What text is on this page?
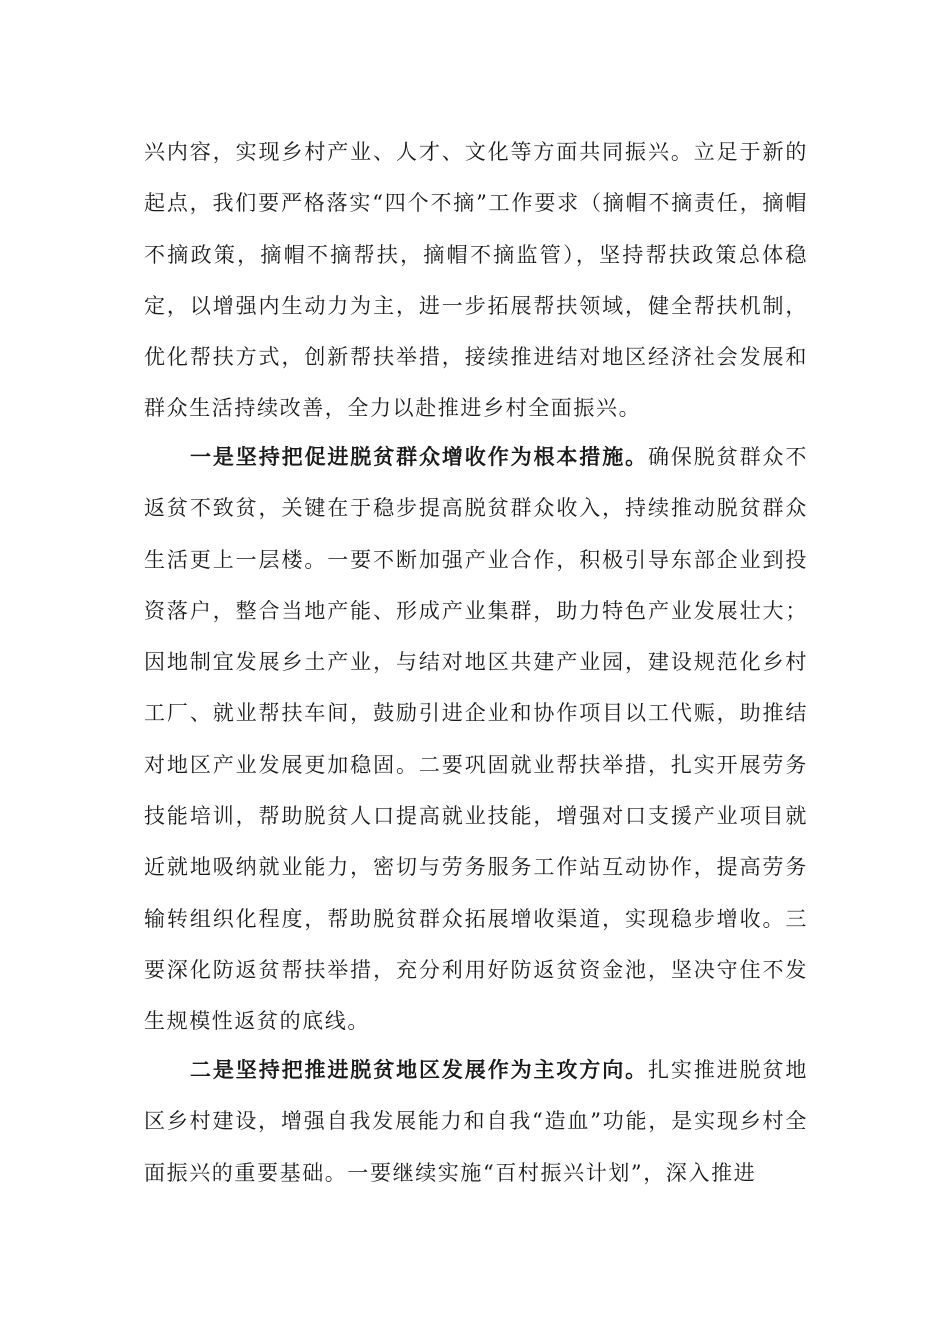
兴内容，实现乡村产业、人才、文化等方面共同振兴。立足于新的起点，我们要严格落实“四个不摘”工作要求（摘帽不摘责任，摘帽不摘政策，摘帽不摘帮扶，摘帽不摘监管），坚持帮扶政策总体稳定，以增强内生动力为主，进一步拓展帮扶领域，健全帮扶机制，优化帮扶方式，创新帮扶举措，接续推进结对地区经济社会发展和群众生活持续改善，全力以赴推进乡村全面振兴。

一是坚持把促进脱贫群众增收作为根本措施。确保脱贫群众不返贫不致贫，关键在于稳步提高脱贫群众收入，持续推动脱贫群众生活更上一层楼。一要不断加强产业合作，积极引导东部企业到投资落户，整合当地产能、形成产业集群，助力特色产业发展壮大；因地制宜发展乡土产业，与结对地区共建产业园，建设规范化乡村工厂、就业帮扶车间，鼓励引进企业和协作项目以工代赈，助推结对地区产业发展更加稳固。二要巩固就业帮扶举措，扎实开展劳务技能培训，帮助脱贫人口提高就业技能，增强对口支援产业项目就近就地吸纳就业能力，密切与劳务服务工作站互动协作，提高劳务输转组织化程度，帮助脱贫群众拓展增收渠道，实现稳步增收。三要深化防返贫帮扶举措，充分利用好防返贫资金池，坚决守住不发生规模性返贫的底线。

二是坚持把推进脱贫地区发展作为主攻方向。扎实推进脱贫地区乡村建设，增强自我发展能力和自我“造血”功能，是实现乡村全面振兴的重要基础。一要继续实施“百村振兴计划”，深入推进
